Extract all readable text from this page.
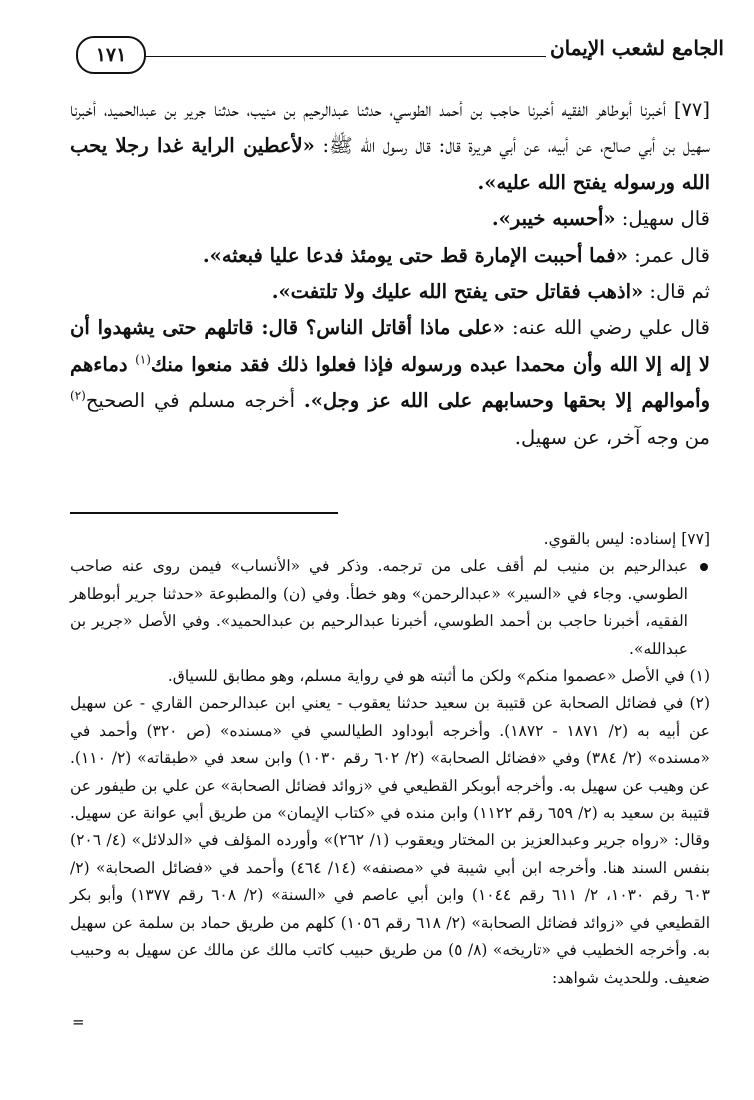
الجامع لشعب الإيمان
١٧١

[٧٧] أخبرنا أبوطاهر الفقيه أخبرنا حاجب بن أحمد الطوسي، حدثنا عبدالرحيم بن منيب، حدثنا جرير بن عبدالحميد، أخبرنا سهيل بن أبي صالح، عن أبيه، عن أبي هريرة قال: قال رسول الله ﷺ: «لأعطين الراية غدا رجلا يحب الله ورسوله يفتح الله عليه».

قال سهيل: «أحسبه خيبر».

قال عمر: «فما أحببت الإمارة قط حتى يومئذ فدعا عليا فبعثه».

ثم قال: «اذهب فقاتل حتى يفتح الله عليك ولا تلتفت».

قال علي رضي الله عنه: «على ماذا أقاتل الناس؟ قال: قاتلهم حتى يشهدوا أن لا إله إلا الله وأن محمدا عبده ورسوله فإذا فعلوا ذلك فقد منعوا منك$^{(١)}$ دماءهم وأموالهم إلا بحقها وحسابهم على الله عز وجل». أخرجه مسلم في الصحيح$^{(٢)}$ من وجه آخر، عن سهيل.

[٧٧] إسناده: ليس بالقوي.

عبدالرحيم بن منيب لم أقف على من ترجمه. وذكر في «الأنساب» فيمن روى عنه صاحب الطوسي. وجاء في «السير» «عبدالرحمن» وهو خطأ. وفي (ن) والمطبوعة «حدثنا جرير أبوطاهر الفقيه، أخبرنا حاجب بن أحمد الطوسي، أخبرنا عبدالرحيم بن عبدالحميد». وفي الأصل «جرير بن عبدالله».

(١) في الأصل «عصموا منكم» ولكن ما أثبته هو في رواية مسلم، وهو مطابق للسياق.

(٢) في فضائل الصحابة عن قتيبة بن سعيد حدثنا يعقوب - يعني ابن عبدالرحمن القاري - عن سهيل عن أبيه به (٢/ ١٨٧١ - ١٨٧٢). وأخرجه أبوداود الطيالسي في «مسنده» (ص ٣٢٠) وأحمد في «مسنده» (٢/ ٣٨٤) وفي «فضائل الصحابة» (٢/ ٦٠٢ رقم ١٠٣٠) وابن سعد في «طبقاته» (٢/ ١١٠). عن وهيب عن سهيل به. وأخرجه أبوبكر القطيعي في «زوائد فضائل الصحابة» عن علي بن طيفور عن قتيبة بن سعيد به (٢/ ٦٥٩ رقم ١١٢٢) وابن منده في «كتاب الإيمان» من طريق أبي عوانة عن سهيل. وقال: «رواه جرير وعبدالعزيز بن المختار ويعقوب (١/ ٢٦٢)» وأورده المؤلف في «الدلائل» (٤/ ٢٠٦) بنفس السند هنا. وأخرجه ابن أبي شيبة في «مصنفه» (١٤/ ٤٦٤) وأحمد في «فضائل الصحابة» (٢/ ٦٠٣ رقم ١٠٣٠، ٢/ ٦١١ رقم ١٠٤٤) وابن أبي عاصم في «السنة» (٢/ ٦٠٨ رقم ١٣٧٧) وأبو بكر القطيعي في «زوائد فضائل الصحابة» (٢/ ٦١٨ رقم ١٠٥٦) كلهم من طريق حماد بن سلمة عن سهيل به. وأخرجه الخطيب في «تاريخه» (٨/ ٥) من طريق حبيب كاتب مالك عن مالك عن سهيل به وحبيب ضعيف. وللحديث شواهد:

=
